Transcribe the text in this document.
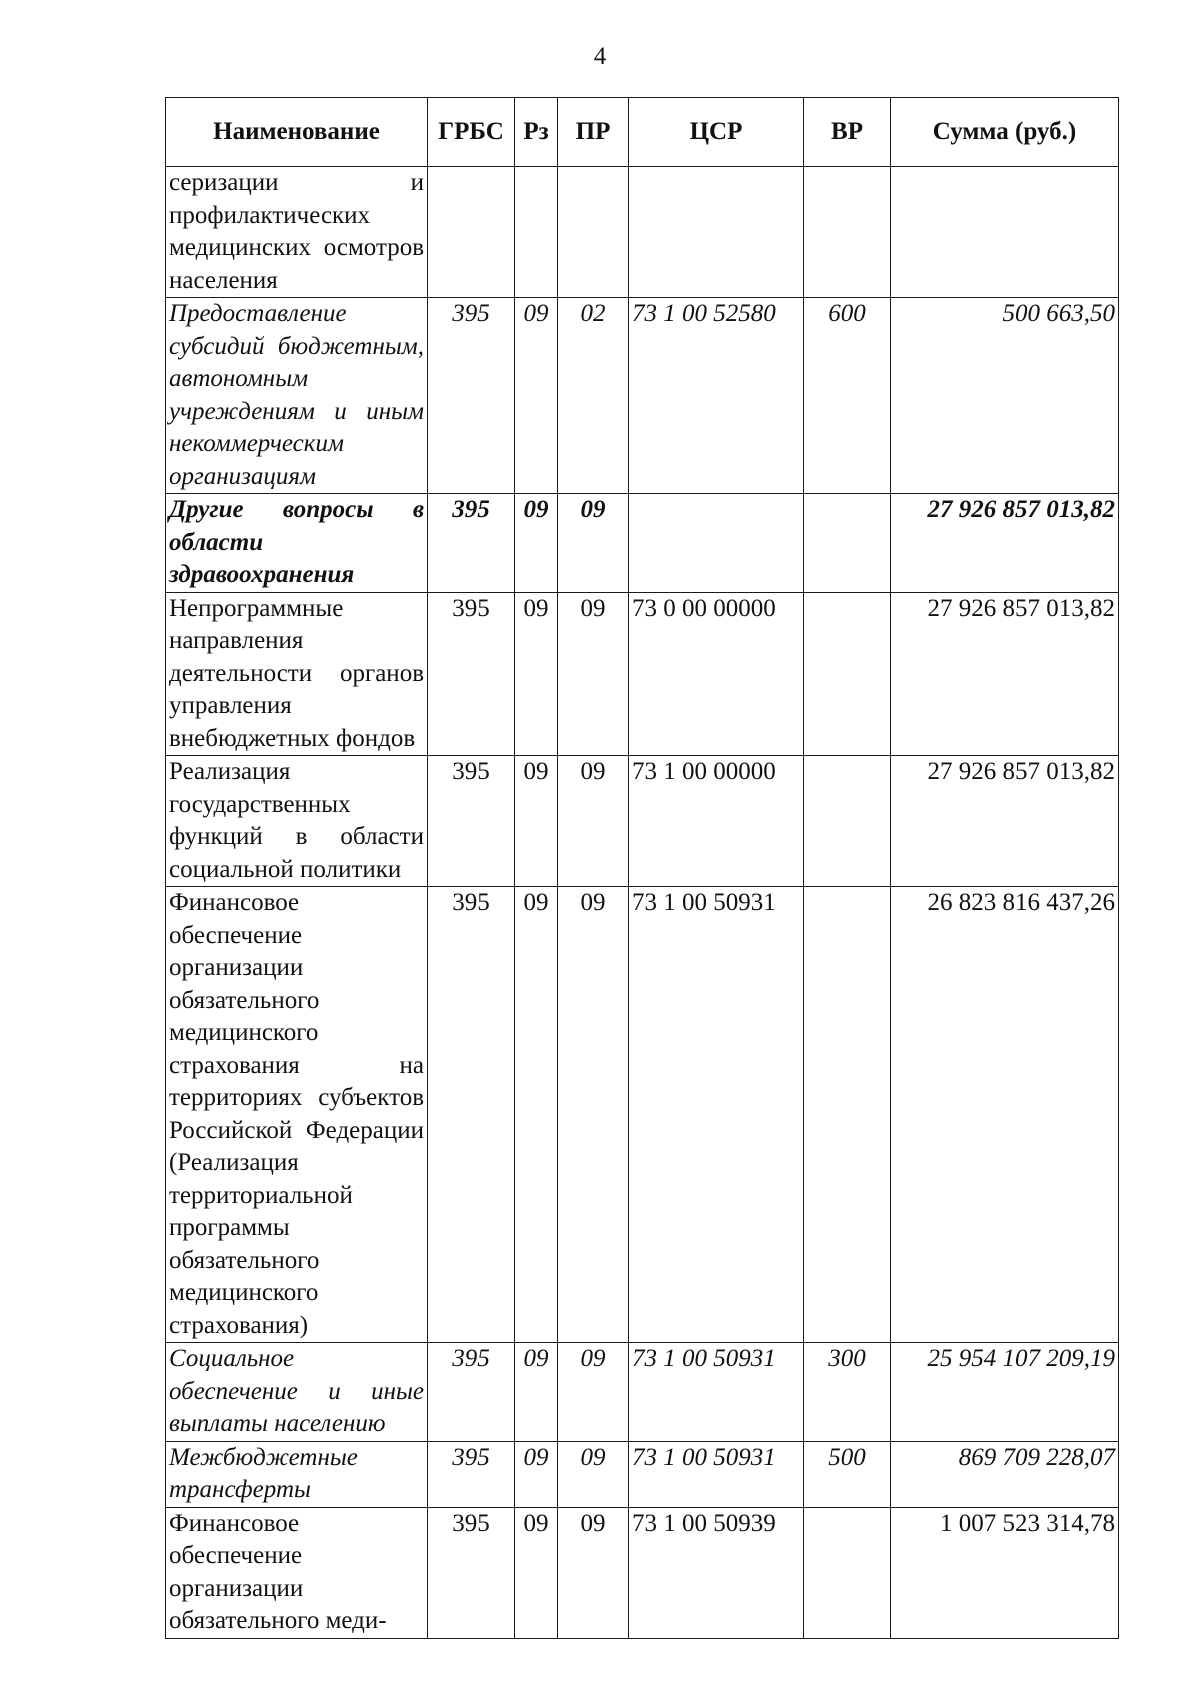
4
Наименование	ГРБС	Рз	ПР	ЦСР	ВР	Сумма (руб.)
серизации и профилактических медицинских осмотров населения						
Предоставление субсидий бюджетным, автономным учреждениям и иным некоммерческим организациям	395	09	02	73 1 00 52580	600	500 663,50
Другие вопросы в области здравоохранения	395	09	09			27 926 857 013,82
Непрограммные направления деятельности органов управления внебюджетных фондов	395	09	09	73 0 00 00000		27 926 857 013,82
Реализация государственных функций в области социальной политики	395	09	09	73 1 00 00000		27 926 857 013,82
Финансовое обеспечение организации обязательного медицинского страхования на территориях субъектов Российской Федерации (Реализация территориальной программы обязательного медицинского страхования)	395	09	09	73 1 00 50931		26 823 816 437,26
Социальное обеспечение и иные выплаты населению	395	09	09	73 1 00 50931	300	25 954 107 209,19
Межбюджетные трансферты	395	09	09	73 1 00 50931	500	869 709 228,07
Финансовое обеспечение организации обязательного меди-	395	09	09	73 1 00 50939		1 007 523 314,78
